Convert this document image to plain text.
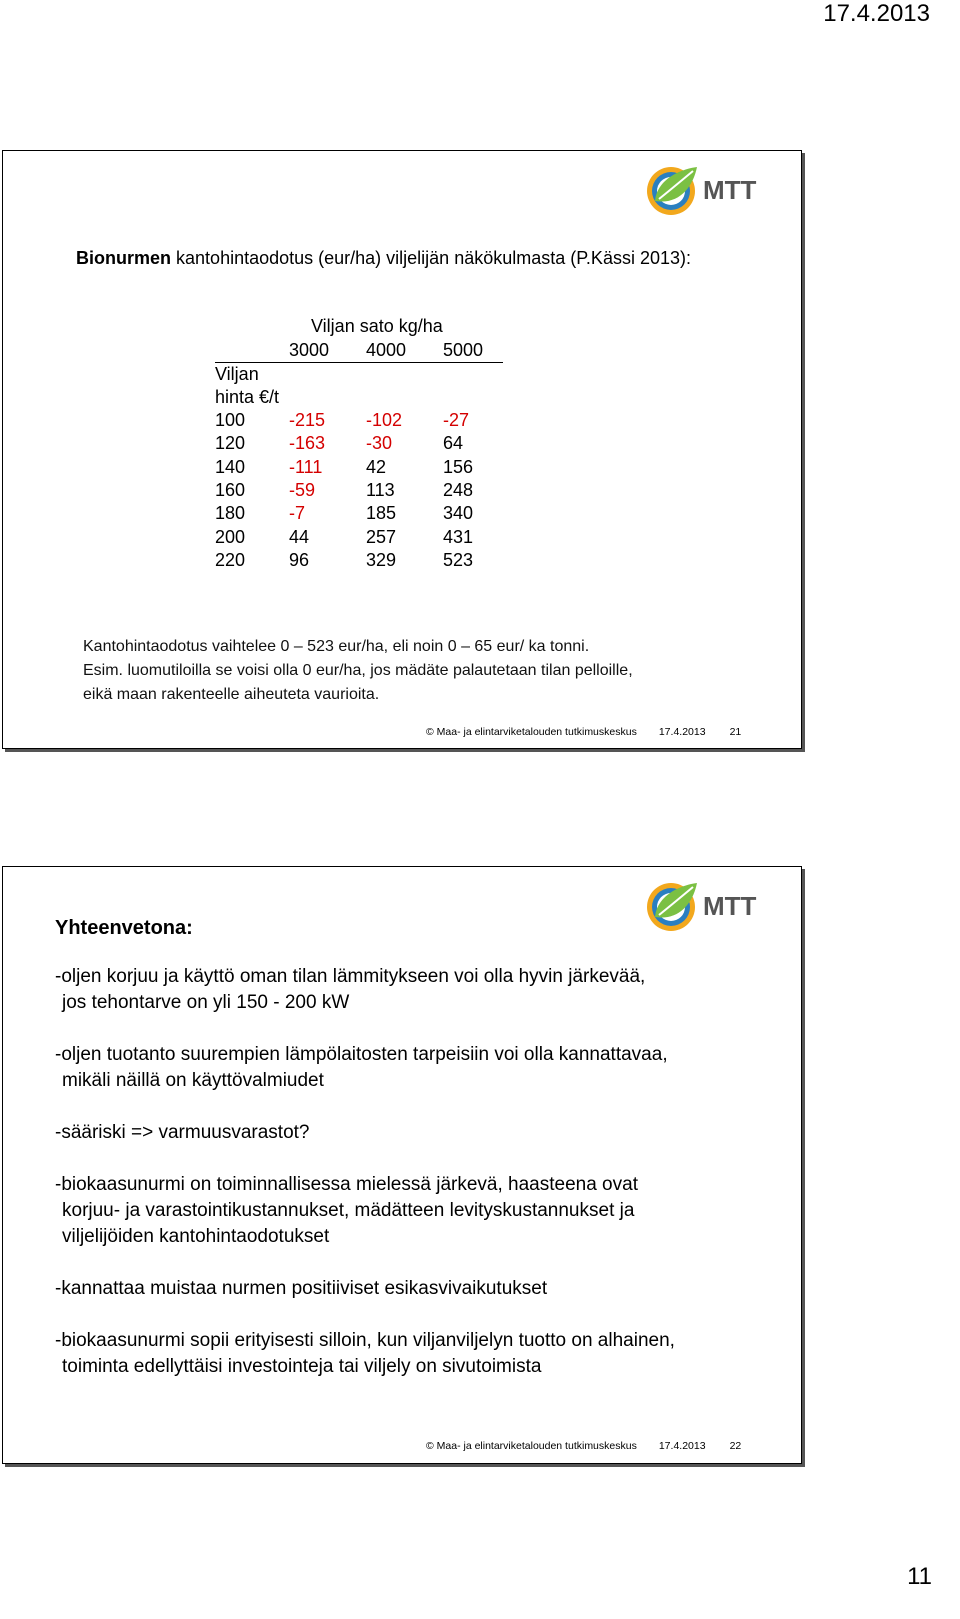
17.4.2013
MTT
Bionurmen kantohintaodotus (eur/ha) viljelijän näkökulmasta (P.Kässi 2013):
Viljan sato kg/ha
3000 4000 5000
Viljan
hinta €/t
100 -215 -102 -27
120 -163 -30	64
140 -111 42	156
160 -59	113	248
180 -7	185	340
200 44	257	431
220 96	329	523

Kantohintaodotus vaihtelee 0 – 523 eur/ha, eli noin 0 – 65 eur/ ka tonni.

Esim. luomutiloilla se voisi olla 0 eur/ha, jos mädäte palautetaan tilan pelloille,

eikä maan rakenteelle aiheuteta vaurioita.

© Maa- ja elintarviketalouden tutkimuskeskus 17.4.2013 21
MTT
Yhteenvetona:
-oljen korjuu ja käyttö oman tilan lämmitykseen voi olla hyvin järkevää,
jos tehontarve on yli 150 - 200 kW
-oljen tuotanto suurempien lämpölaitosten tarpeisiin voi olla kannattavaa,
mikäli näillä on käyttövalmiudet
-sääriski => varmuusvarastot?
-biokaasunurmi on toiminnallisessa mielessä järkevä, haasteena ovat
korjuu- ja varastointikustannukset, mädätteen levityskustannukset ja
viljelijöiden kantohintaodotukset
-kannattaa muistaa nurmen positiiviset esikasvivaikutukset
-biokaasunurmi sopii erityisesti silloin, kun viljanviljelyn tuotto on alhainen,
toiminta edellyttäisi investointeja tai viljely on sivutoimista
© Maa- ja elintarviketalouden tutkimuskeskus 17.4.2013 22
11
